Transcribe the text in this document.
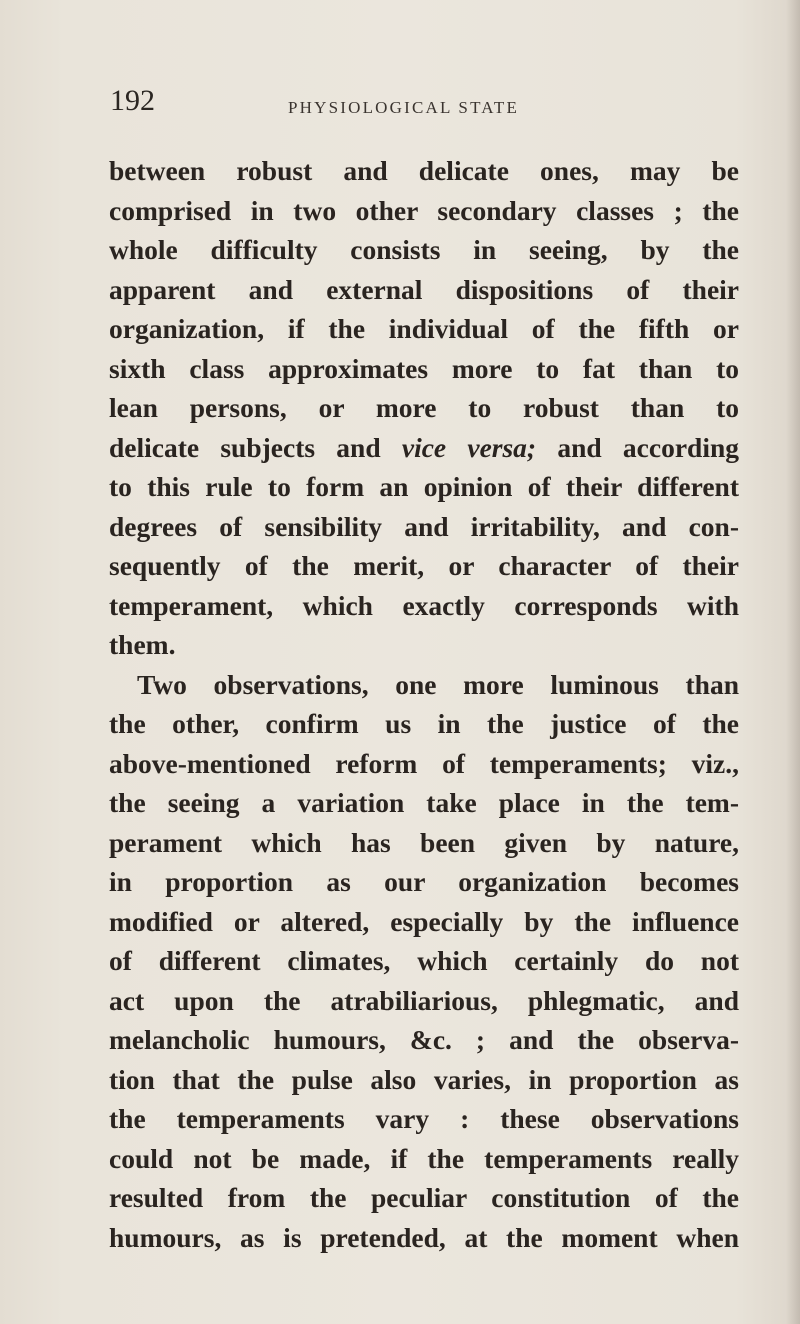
192	PHYSIOLOGICAL STATE
between robust and delicate ones, may be
comprised in two other secondary classes ; the
whole difficulty consists in seeing, by the
apparent and external dispositions of their
organization, if the individual of the fifth or
sixth class approximates more to fat than to
lean persons, or more to robust than to
delicate subjects and vice versa; and according
to this rule to form an opinion of their different
degrees of sensibility and irritability, and con-
sequently of the merit, or character of their
temperament, which exactly corresponds with
them.
Two observations, one more luminous than
the other, confirm us in the justice of the
above-mentioned reform of temperaments; viz.,
the seeing a variation take place in the tem-
perament which has been given by nature,
in proportion as our organization becomes
modified or altered, especially by the influence
of different climates, which certainly do not
act upon the atrabiliarious, phlegmatic, and
melancholic humours, &c. ; and the observa-
tion that the pulse also varies, in proportion as
the temperaments vary : these observations
could not be made, if the temperaments really
resulted from the peculiar constitution of the
humours, as is pretended, at the moment when
